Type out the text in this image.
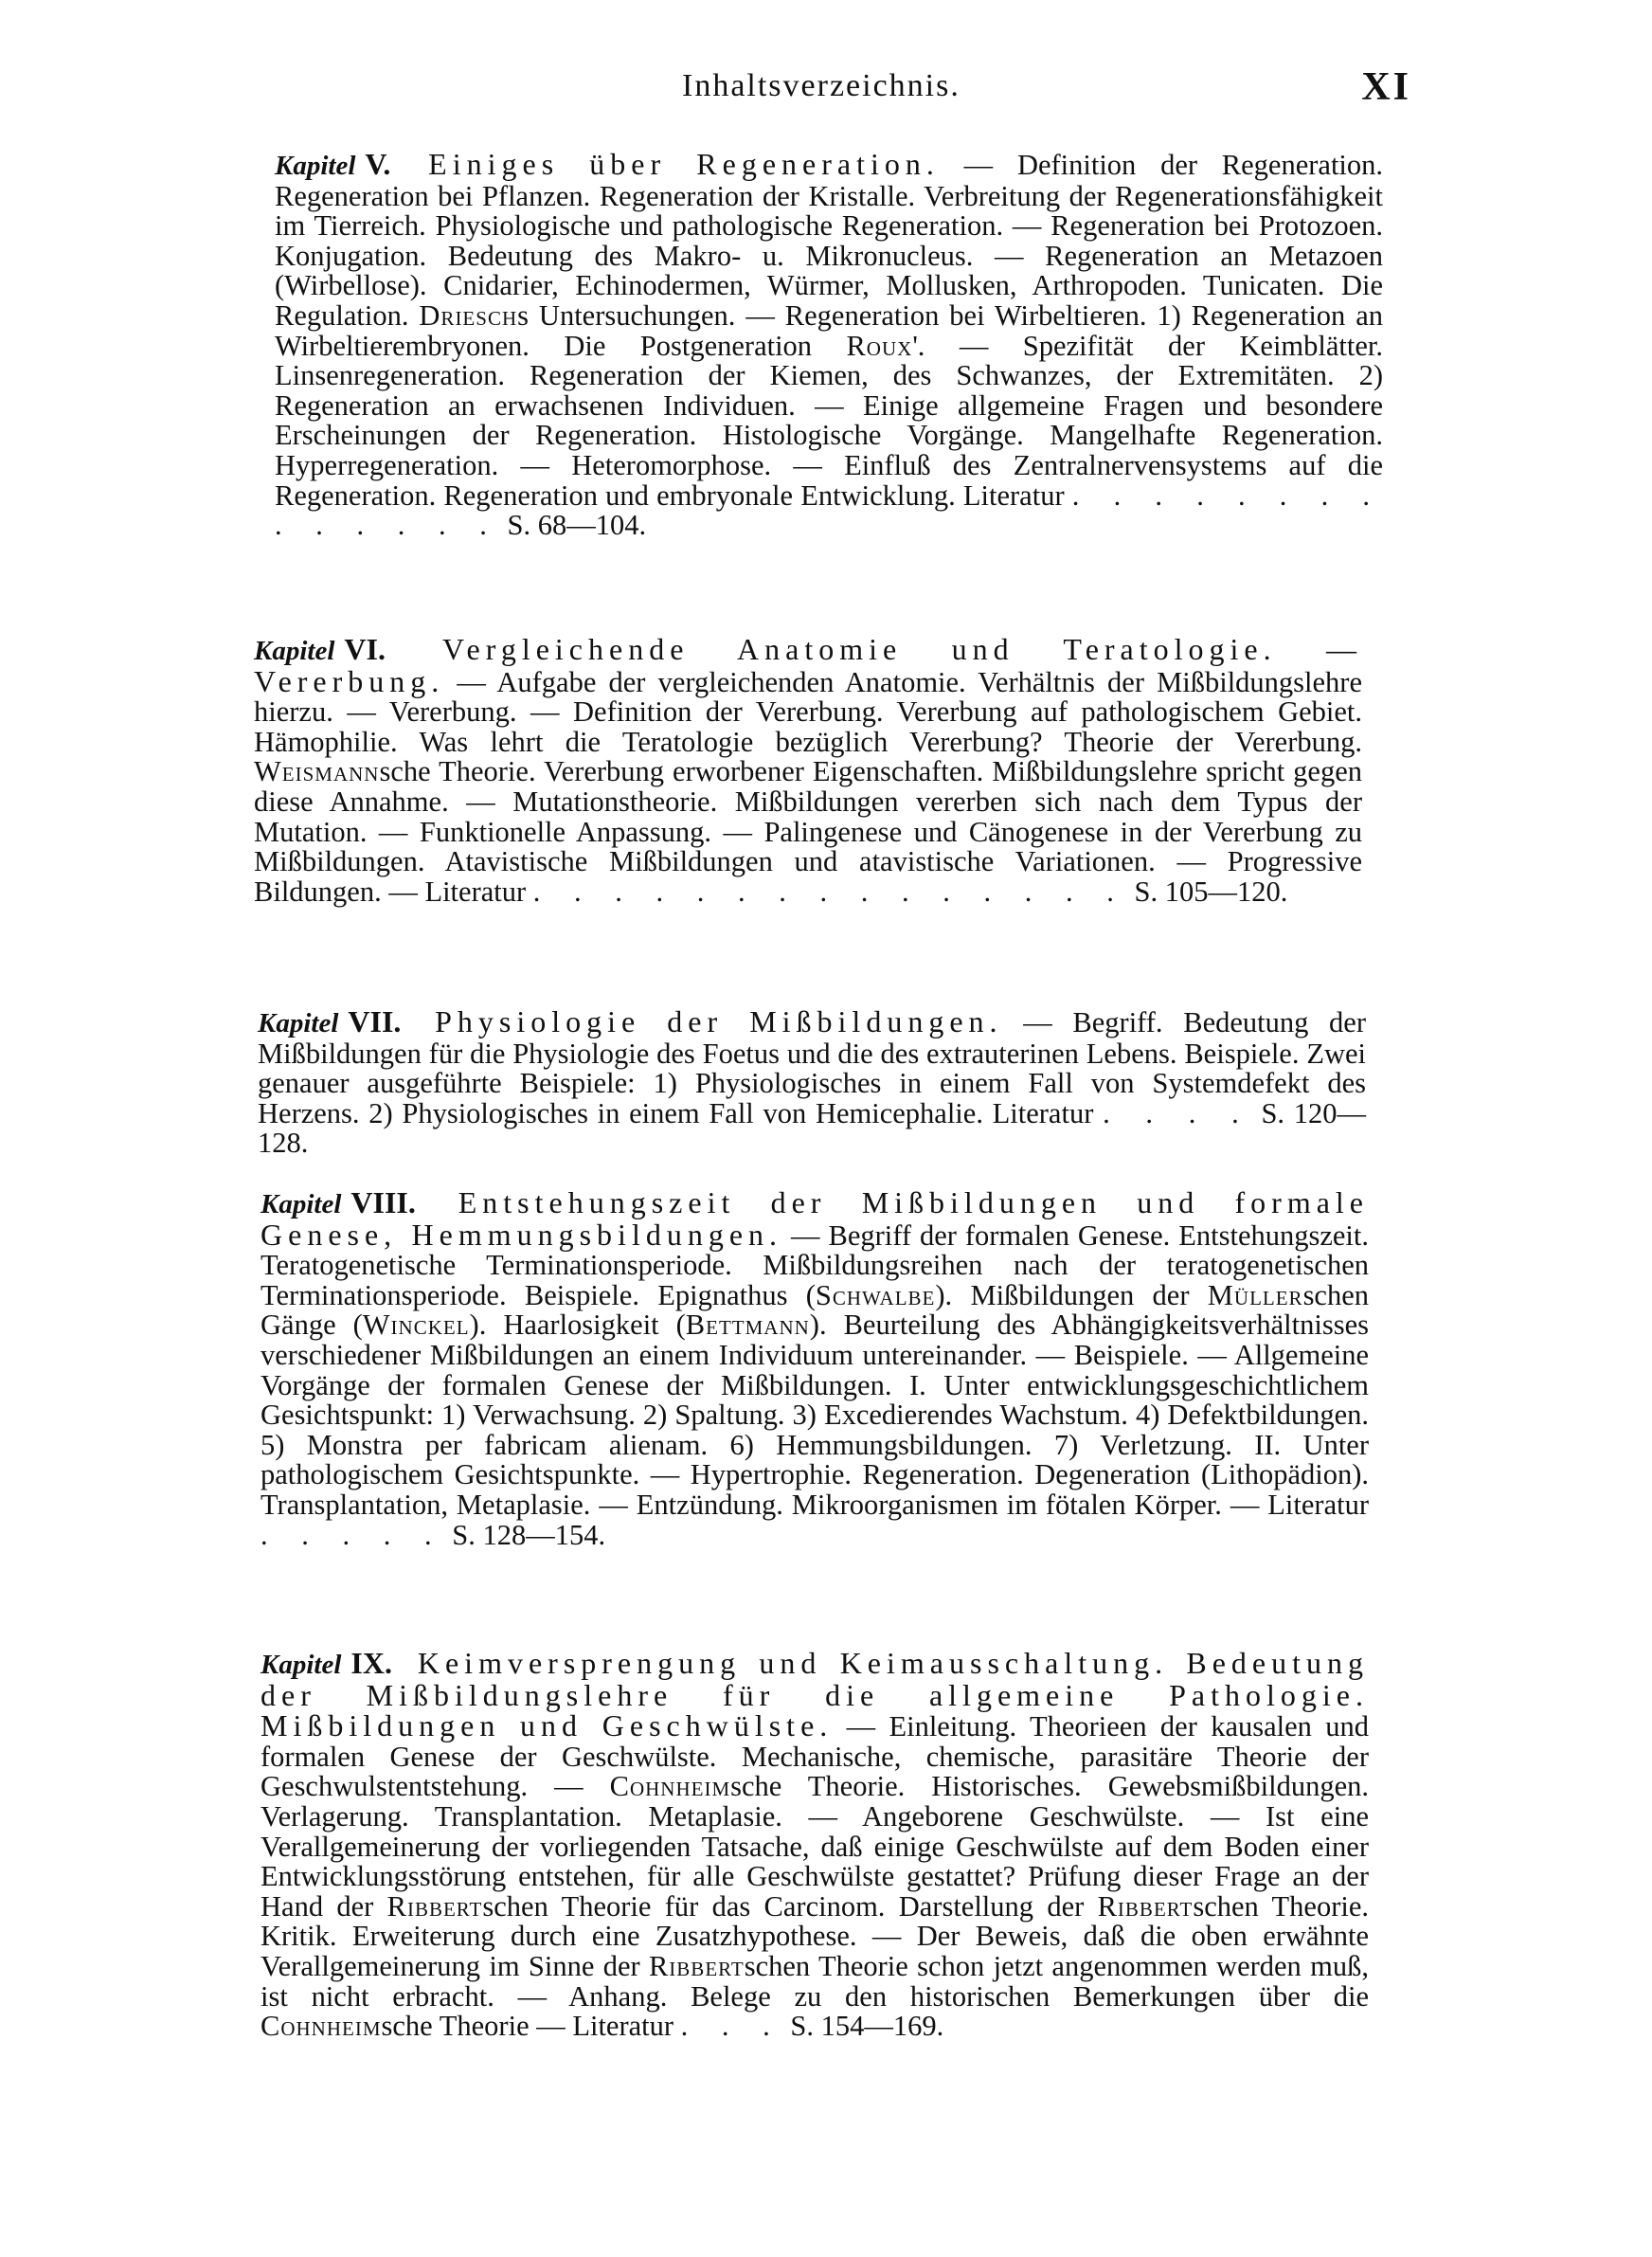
Inhaltsverzeichnis.	XI
Kapitel V. Einiges über Regeneration. — Definition der Regeneration. Regeneration bei Pflanzen. Regeneration der Kristalle. Verbreitung der Regenerationsfähigkeit im Tierreich. Physiologische und pathologische Regeneration. — Regeneration bei Protozoen. Konjugation. Bedeutung des Makro- u. Mikronucleus. — Regeneration an Metazoen (Wirbellose). Cnidarier, Echinodermen, Würmer, Mollusken, Arthropoden. Tunicaten. Die Regulation. Drieschs Untersuchungen. — Regeneration bei Wirbeltieren. 1) Regeneration an Wirbeltierembryonen. Die Postgeneration Roux'. — Spezifität der Keimblätter. Linsenregeneration. Regeneration der Kiemen, des Schwanzes, der Extremitäten. 2) Regeneration an erwachsenen Individuen. — Einige allgemeine Fragen und besondere Erscheinungen der Regeneration. Histologische Vorgänge. Mangelhafte Regeneration. Hyperregeneration. — Heteromorphose. — Einfluß des Zentralnervensystems auf die Regeneration. Regeneration und embryonale Entwicklung. Literatur . . . . . . . . . . . . . . S. 68—104.
Kapitel VI. Vergleichende Anatomie und Teratologie. — Vererbung. — Aufgabe der vergleichenden Anatomie. Verhältnis der Mißbildungslehre hierzu. — Vererbung. — Definition der Vererbung. Vererbung auf pathologischem Gebiet. Hämophilie. Was lehrt die Teratologie bezüglich Vererbung? Theorie der Vererbung. Weismannsche Theorie. Vererbung erworbener Eigenschaften. Mißbildungslehre spricht gegen diese Annahme. — Mutationstheorie. Mißbildungen vererben sich nach dem Typus der Mutation. — Funktionelle Anpassung. — Palingenese und Cänogenese in der Vererbung zu Mißbildungen. Atavistische Mißbildungen und atavistische Variationen. — Progressive Bildungen. — Literatur . . . . . . . . . . . . . . . S. 105—120.
Kapitel VII. Physiologie der Mißbildungen. — Begriff. Bedeutung der Mißbildungen für die Physiologie des Foetus und die des extrauterinen Lebens. Beispiele. Zwei genauer ausgeführte Beispiele: 1) Physiologisches in einem Fall von Systemdefekt des Herzens. 2) Physiologisches in einem Fall von Hemicephalie. Literatur . . . . S. 120—128.
Kapitel VIII. Entstehungszeit der Mißbildungen und formale Genese, Hemmungsbildungen. — Begriff der formalen Genese. Entstehungszeit. Teratogenetische Terminationsperiode. Mißbildungsreihen nach der teratogenetischen Terminationsperiode. Beispiele. Epignathus (Schwalbe). Mißbildungen der Müllerschen Gänge (Winckel). Haarlosigkeit (Bettmann). Beurteilung des Abhängigkeitsverhältnisses verschiedener Mißbildungen an einem Individuum untereinander. — Beispiele. — Allgemeine Vorgänge der formalen Genese der Mißbildungen. I. Unter entwicklungsgeschichtlichem Gesichtspunkt: 1) Verwachsung. 2) Spaltung. 3) Excedierendes Wachstum. 4) Defektbildungen. 5) Monstra per fabricam alienam. 6) Hemmungsbildungen. 7) Verletzung. II. Unter pathologischem Gesichtspunkte. — Hypertrophie. Regeneration. Degeneration (Lithopädion). Transplantation, Metaplasie. — Entzündung. Mikroorganismen im fötalen Körper. — Literatur . . . . . S. 128—154.
Kapitel IX. Keimversprengung und Keimausschaltung. Bedeutung der Mißbildungslehre für die allgemeine Pathologie. Mißbildungen und Geschwülste. — Einleitung. Theorieen der kausalen und formalen Genese der Geschwülste. Mechanische, chemische, parasitäre Theorie der Geschwulstentstehung. — Cohnheimsche Theorie. Historisches. Gewebsmißbildungen. Verlagerung. Transplantation. Metaplasie. — Angeborene Geschwülste. — Ist eine Verallgemeinerung der vorliegenden Tatsache, daß einige Geschwülste auf dem Boden einer Entwicklungsstörung entstehen, für alle Geschwülste gestattet? Prüfung dieser Frage an der Hand der Ribbertschen Theorie für das Carcinom. Darstellung der Ribbertschen Theorie. Kritik. Erweiterung durch eine Zusatzhypothese. — Der Beweis, daß die oben erwähnte Verallgemeinerung im Sinne der Ribbertschen Theorie schon jetzt angenommen werden muß, ist nicht erbracht. — Anhang. Belege zu den historischen Bemerkungen über die Cohnheimsche Theorie — Literatur . . . S. 154—169.
